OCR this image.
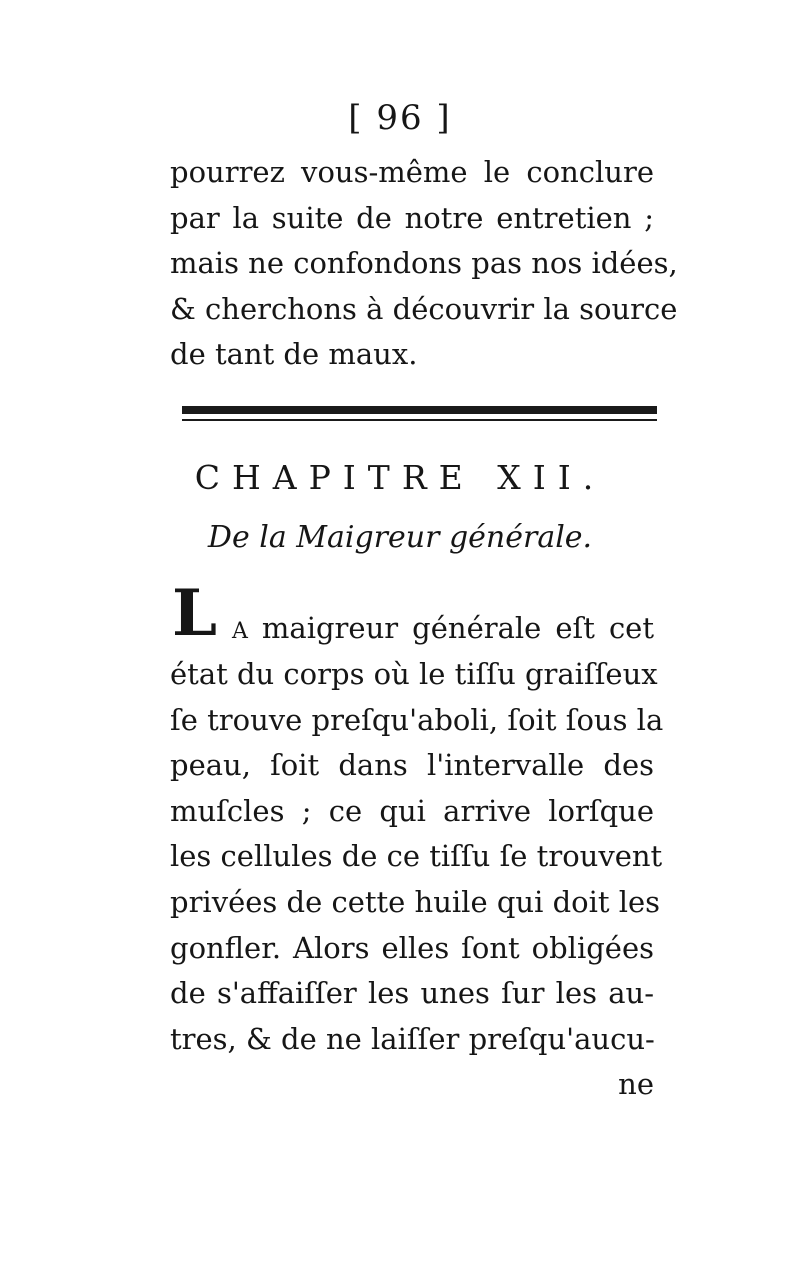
[ 96 ]
pourrez vous-même le conclure
par la suite de notre entretien ;
mais ne confondons pas nos idées,
& cherchons à découvrir la source
de tant de maux.
CHAPITRE XII.
De la Maigreur générale.
L A maigreur générale eſt cet
état du corps où le tiſſu graiſſeux
ſe trouve preſqu'aboli, ſoit ſous la
peau, ſoit dans l'intervalle des
muſcles ; ce qui arrive lorſque
les cellules de ce tiſſu ſe trouvent
privées de cette huile qui doit les
gonfler. Alors elles ſont obligées
de s'affaiſſer les unes ſur les au-
tres, & de ne laiſſer preſqu'aucu-
ne
